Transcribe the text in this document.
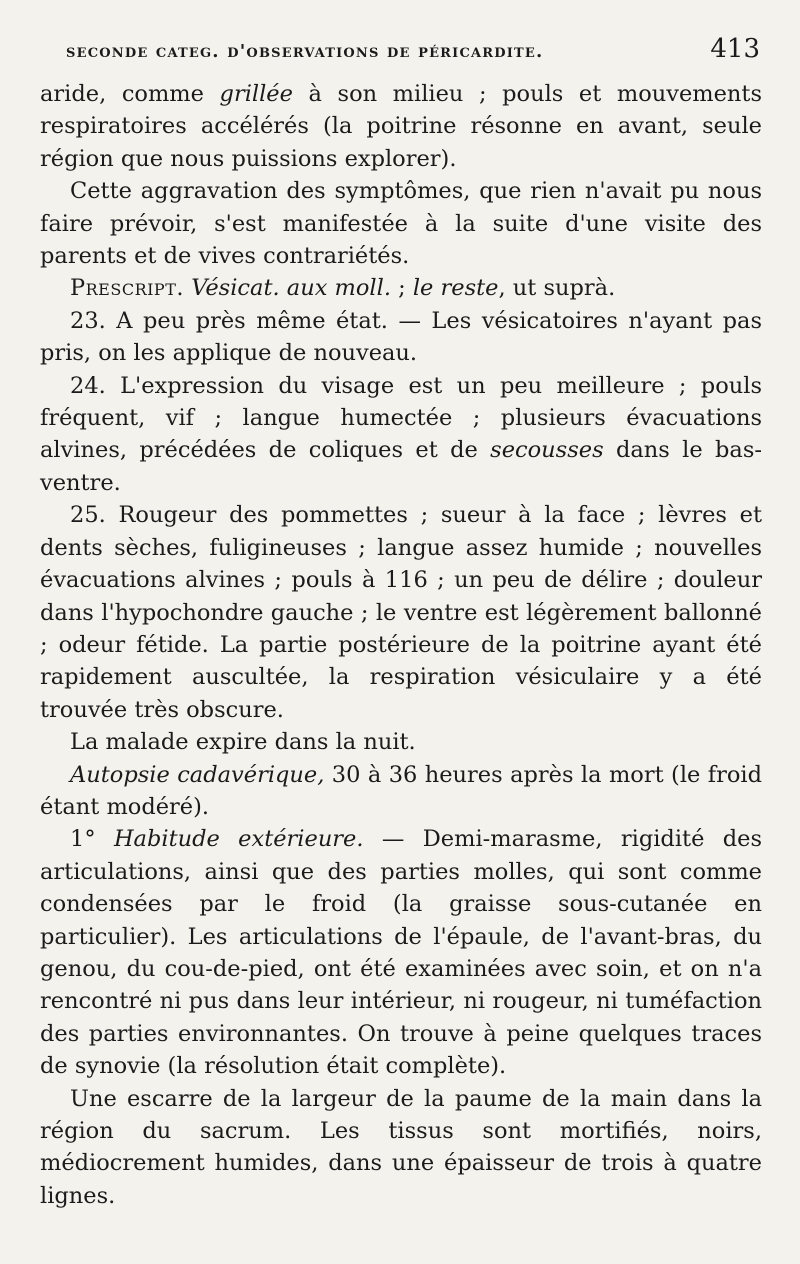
seconde categ. d'observations de péricardite.	413

aride, comme grillée à son milieu ; pouls et mouvements respiratoires accélérés (la poitrine résonne en avant, seule région que nous puissions explorer).

Cette aggravation des symptômes, que rien n'avait pu nous faire prévoir, s'est manifestée à la suite d'une visite des parents et de vives contrariétés.

Prescript. Vésicat. aux moll. ; le reste, ut suprà.

23. A peu près même état. — Les vésicatoires n'ayant pas pris, on les applique de nouveau.

24. L'expression du visage est un peu meilleure ; pouls fréquent, vif ; langue humectée ; plusieurs évacuations alvines, précédées de coliques et de secousses dans le bas-ventre.

25. Rougeur des pommettes ; sueur à la face ; lèvres et dents sèches, fuligineuses ; langue assez humide ; nouvelles évacuations alvines ; pouls à 116 ; un peu de délire ; douleur dans l'hypochondre gauche ; le ventre est légèrement ballonné ; odeur fétide. La partie postérieure de la poitrine ayant été rapidement auscultée, la respiration vésiculaire y a été trouvée très obscure.

La malade expire dans la nuit.

Autopsie cadavérique, 30 à 36 heures après la mort (le froid étant modéré).

1° Habitude extérieure. — Demi-marasme, rigidité des articulations, ainsi que des parties molles, qui sont comme condensées par le froid (la graisse sous-cutanée en particulier). Les articulations de l'épaule, de l'avant-bras, du genou, du cou-de-pied, ont été examinées avec soin, et on n'a rencontré ni pus dans leur intérieur, ni rougeur, ni tuméfaction des parties environnantes. On trouve à peine quelques traces de synovie (la résolution était complète).

Une escarre de la largeur de la paume de la main dans la région du sacrum. Les tissus sont mortifiés, noirs, médiocrement humides, dans une épaisseur de trois à quatre lignes.
